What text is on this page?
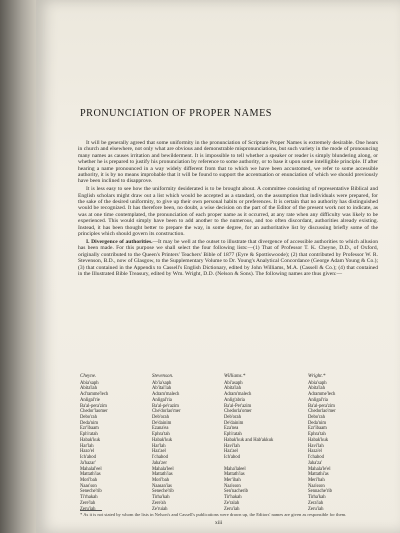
PRONUNCIATION OF PROPER NAMES

It will be generally agreed that some uniformity in the pronunciation of Scripture Proper Names is extremely desirable. One hears in church and elsewhere, not only what are obvious and demonstrable mispronunciations, but such variety in the mode of pronouncing many names as causes irritation and bewilderment. It is impossible to tell whether a speaker or reader is simply blundering along, or whether he is prepared to justify his pronunciation by reference to some authority, or to base it upon some intelligible principle. If after hearing a name pronounced in a way widely different from that to which we have been accustomed, we refer to some accessible authority, it is by no means improbable that it will be found to support the accentuation or enunciation of which we should previously have been inclined to disapprove.

It is less easy to see how the uniformity desiderated is to be brought about. A committee consisting of representative Biblical and English scholars might draw out a list which would be accepted as a standard, on the assumption that individuals were prepared, for the sake of the desired uniformity, to give up their own personal habits or preferences. It is certain that no authority has distinguished would be recognized. It has therefore been, no doubt, a wise decision on the part of the Editor of the present work not to indicate, as was at one time contemplated, the pronunciation of each proper name as it occurred, at any rate when any difficulty was likely to be experienced. This would simply have been to add another to the numerous, and too often discordant, authorities already existing. Instead, it has been thought better to prepare the way, in some degree, for an authoritative list by discussing briefly some of the principles which should govern its construction.

I. Divergence of authorities.—It may be well at the outset to illustrate that divergence of accessible authorities to which allusion has been made. For this purpose we shall select the four following lists:—(1) That of Professor T. K. Cheyne, D.D., of Oxford, originally contributed to the Queen's Printers' Teachers' Bible of 1877 (Eyre & Spottiswoode); (2) that contributed by Professor W. R. Stevenson, B.D., now of Glasgow, to the Supplementary Volume to Dr. Young's Analytical Concordance (George Adam Young & Co.); (3) that contained in the Appendix to Cassell's English Dictionary, edited by John Williams, M.A. (Cassell & Co.); (4) that contained in the Illustrated Bible Treasury, edited by Wm. Wright, D.D. (Nelson & Sons). The following names are thus given:—

Cheyne.
Abia'saph
Abita'lah
Ad'ramme'lech
Anligal'rie
Ba'al-pera'zim
Chedor'laomer
Debo'rah
Deda'nim
Ezr'ibaam
Eph'ratah
Habak'kuk
Har'lah
Hazo'el
Ich'abod
Ja'hazar'
Mahalal'eel
Mattath'ias
Mori'bah
Naas'son
Seneche'rib
Ti'rhakah
Zere'lah
Zeru'iah
Stevenson.
Ab'ia'saph
Ab'itai'lah
Adram'malech
Anligal'ria
Ba'al-pe'razim
Che'dorlao'mer
Deb'orah
De'dainim
Ezana'ea
Ephra'tah
Habak'kuk
Har'lah
Haz'ael
I'chabod
Jaha'zer
Mahala'leel
Mattath'ias
Mori'bah
Naasan'ias
Seneche'rib
Tirha'kah
Zere'ah
Ze'ruiah
Williams.*
Abi'asaph
Abita'lah
Adram'malech
Anlig'abria
Ba'al-Per'azim
Chedorla'omer
Deb'orah
De'dainim
Eza'nea
Eph'ratah
Habak'kuk and Hab'akkuk
Havi'lah
Haz'ael
Ich'abod

Maha'laleel
Mattath'ias
Mer'ibah
Naa'sson
Sen'nacherib
Tir'hakah
Ze'ralah
Zeru'iah
Wright.*
Abia'saph
Abita'lah
Adramme'lech
Anligal'ria
Ba'al-pera'zim
Chedorlao'mer
Debo'rah
Deda'nim
Ezr'ibaam
Ephra'tah
Habak'kuk
Havi'lah
Haza'el
I'chabod
Jaha'za'
Mahala'le'el
Mattathi'as
Meri'bah
Naa'sson
Sennache'rib
Tirha'kah
Zera'iah
Zeru'iah
* As it is not stated by whom the lists in Nelson's and Cassell's publications were drawn up, the Editors' names are given as responsible for them.
xiii
